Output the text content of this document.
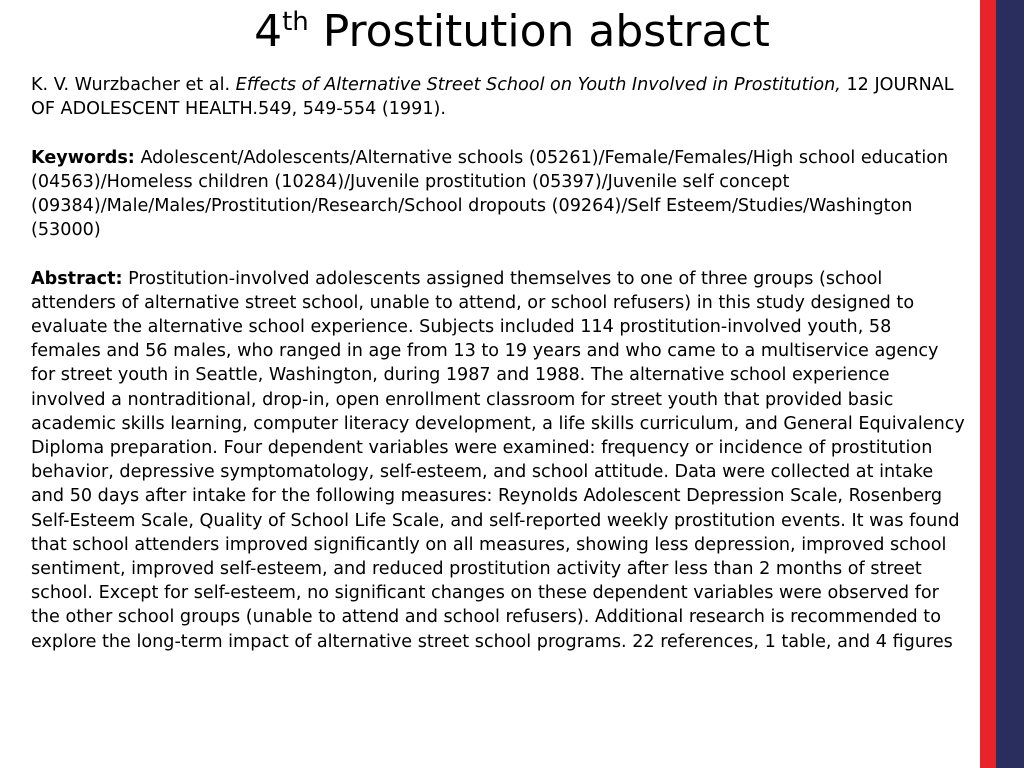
4th Prostitution abstract

K. V. Wurzbacher et al. Effects of Alternative Street School on Youth Involved in Prostitution, 12 JOURNAL OF ADOLESCENT HEALTH.549, 549-554 (1991).

Keywords: Adolescent/Adolescents/Alternative schools (05261)/Female/Females/High school education (04563)/Homeless children (10284)/Juvenile prostitution (05397)/Juvenile self concept (09384)/Male/Males/Prostitution/Research/School dropouts (09264)/Self Esteem/Studies/Washington (53000)

Abstract: Prostitution-involved adolescents assigned themselves to one of three groups (school attenders of alternative street school, unable to attend, or school refusers) in this study designed to evaluate the alternative school experience. Subjects included 114 prostitution-involved youth, 58 females and 56 males, who ranged in age from 13 to 19 years and who came to a multiservice agency for street youth in Seattle, Washington, during 1987 and 1988. The alternative school experience involved a nontraditional, drop-in, open enrollment classroom for street youth that provided basic academic skills learning, computer literacy development, a life skills curriculum, and General Equivalency Diploma preparation. Four dependent variables were examined: frequency or incidence of prostitution behavior, depressive symptomatology, self-esteem, and school attitude. Data were collected at intake and 50 days after intake for the following measures: Reynolds Adolescent Depression Scale, Rosenberg Self-Esteem Scale, Quality of School Life Scale, and self-reported weekly prostitution events. It was found that school attenders improved significantly on all measures, showing less depression, improved school sentiment, improved self-esteem, and reduced prostitution activity after less than 2 months of street school. Except for self-esteem, no significant changes on these dependent variables were observed for the other school groups (unable to attend and school refusers). Additional research is recommended to explore the long-term impact of alternative street school programs. 22 references, 1 table, and 4 figures
